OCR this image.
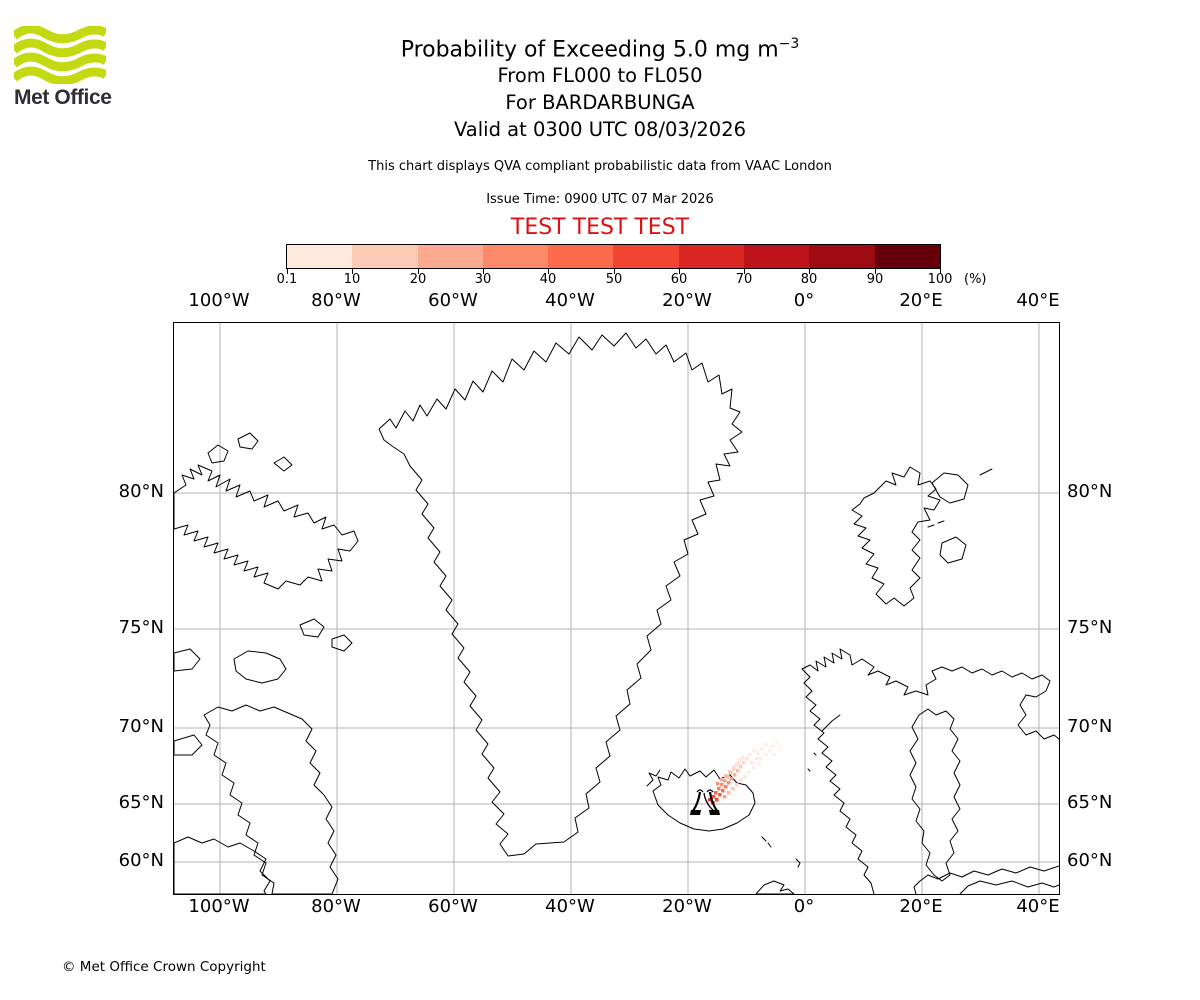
Met Office
Probability of Exceeding 5.0 mg $m^{-3}$
From FL000 to FL050
For BARDARBUNGA
Valid at 0300 UTC 08/03/2026
This chart displays QVA compliant probabilistic data from VAAC London
Issue Time: 0900 UTC 07 Mar 2026
TEST TEST TEST
0.1	10	20	30	40	50	60	70	80	90	100 (%)
100°W
100°W
80°W
80°W
60°W
60°W
40°W
40°W
20°W
20°W
0°
0°
20°E
20°E
40°E
40°E
80°N	80°N
75°N	75°N
70°N	70°N
65°N	65°N
60°N	60°N
© Met Office Crown Copyright
